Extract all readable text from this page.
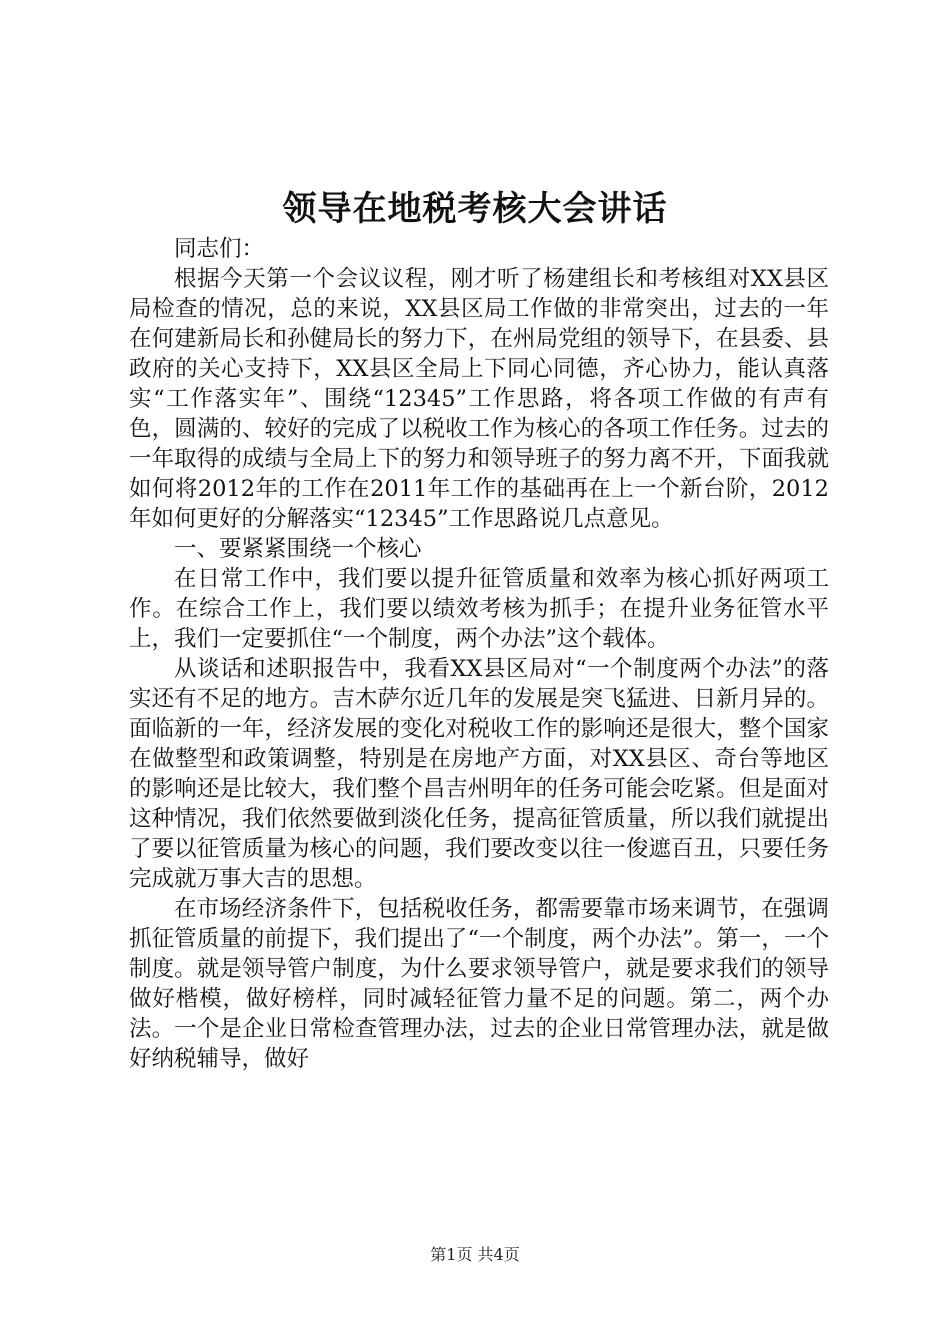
领导在地税考核大会讲话

同志们：

根据今天第一个会议议程，刚才听了杨建组长和考核组对XX县区局检查的情况，总的来说，XX县区局工作做的非常突出，过去的一年在何建新局长和孙健局长的努力下，在州局党组的领导下，在县委、县政府的关心支持下，XX县区全局上下同心同德，齐心协力，能认真落实“工作落实年”、围绕“12345”工作思路，将各项工作做的有声有色，圆满的、较好的完成了以税收工作为核心的各项工作任务。过去的一年取得的成绩与全局上下的努力和领导班子的努力离不开，下面我就如何将2012年的工作在2011年工作的基础再在上一个新台阶，2012年如何更好的分解落实“12345”工作思路说几点意见。

一、要紧紧围绕一个核心

在日常工作中，我们要以提升征管质量和效率为核心抓好两项工作。在综合工作上，我们要以绩效考核为抓手；在提升业务征管水平上，我们一定要抓住“一个制度，两个办法”这个载体。

从谈话和述职报告中，我看XX县区局对“一个制度两个办法”的落实还有不足的地方。吉木萨尔近几年的发展是突飞猛进、日新月异的。面临新的一年，经济发展的变化对税收工作的影响还是很大，整个国家在做整型和政策调整，特别是在房地产方面，对XX县区、奇台等地区的影响还是比较大，我们整个昌吉州明年的任务可能会吃紧。但是面对这种情况，我们依然要做到淡化任务，提高征管质量，所以我们就提出了要以征管质量为核心的问题，我们要改变以往一俊遮百丑，只要任务完成就万事大吉的思想。

在市场经济条件下，包括税收任务，都需要靠市场来调节，在强调抓征管质量的前提下，我们提出了“一个制度，两个办法”。第一，一个制度。就是领导管户制度，为什么要求领导管户，就是要求我们的领导做好楷模，做好榜样，同时减轻征管力量不足的问题。第二，两个办法。一个是企业日常检查管理办法，过去的企业日常管理办法，就是做好纳税辅导，做好

第1页 共4页
